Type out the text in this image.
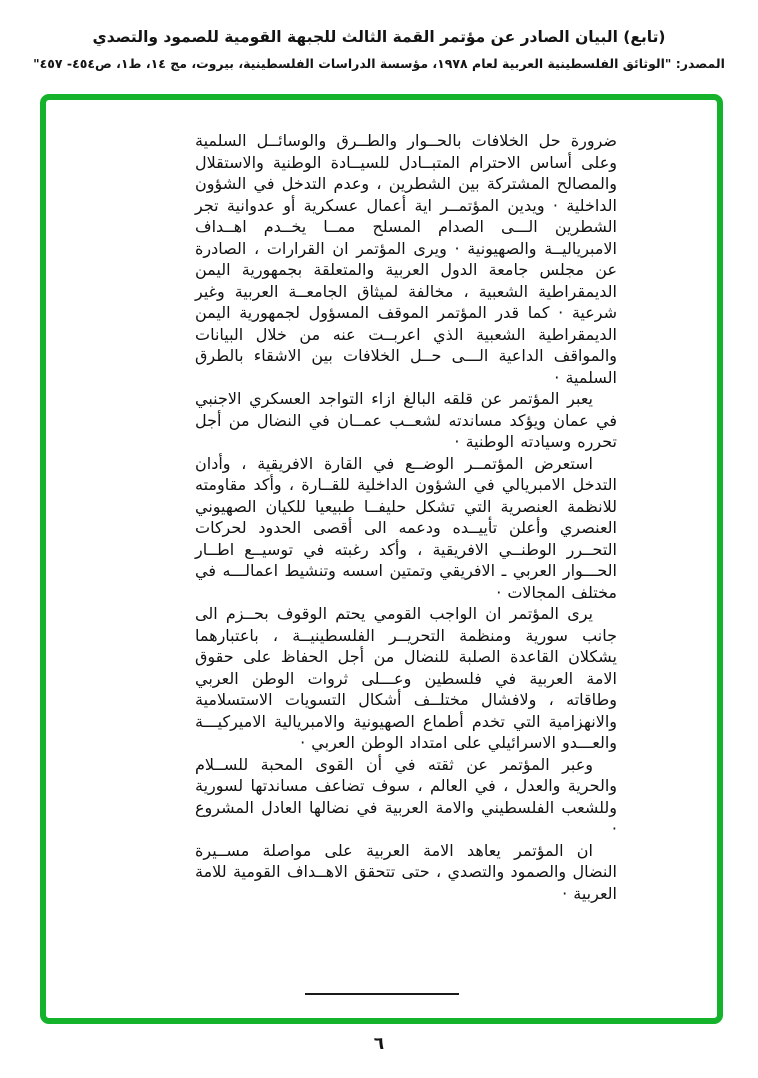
(تابع) البيان الصادر عن مؤتمر القمة الثالث للجبهة القومية للصمود والتصدي
المصدر: "الوثائق الفلسطينية العربية لعام ١٩٧٨، مؤسسة الدراسات الفلسطينية، بيروت، مج ١٤، ط١، ص٤٥٤- ٤٥٧"

ضرورة حل الخلافات بالحــوار والطــرق والوسائــل السلمية وعلى أساس الاحترام المتبــادل للسيــادة الوطنية والاستقلال والمصالح المشتركة بين الشطرين ، وعدم التدخل في الشؤون الداخلية · ويدين المؤتمــر اية أعمال عسكرية أو عدوانية تجر الشطرين الـــى الصدام المسلح ممــا يخــدم اهــداف الامبرياليــة والصهيونية · ويرى المؤتمر ان القرارات ، الصادرة عن مجلس جامعة الدول العربية والمتعلقة بجمهورية اليمن الديمقراطية الشعبية ، مخالفة لميثاق الجامعــة العربية وغير شرعية · كما قدر المؤتمر الموقف المسؤول لجمهورية اليمن الديمقراطية الشعبية الذي اعربــت عنه من خلال البيانات والمواقف الداعية الـــى حــل الخلافات بين الاشقاء بالطرق السلمية ·

يعبر المؤتمر عن قلقه البالغ ازاء التواجد العسكري الاجنبي في عمان ويؤكد مساندته لشعــب عمــان في النضال من أجل تحرره وسيادته الوطنية ·

استعرض المؤتمــر الوضــع في القارة الافريقية ، وأدان التدخل الامبريالي في الشؤون الداخلية للقــارة ، وأكد مقاومته للانظمة العنصرية التي تشكل حليفــا طبيعيا للكيان الصهيوني العنصري وأعلن تأييــده ودعمه الى أقصى الحدود لحركات التحــرر الوطنــي الافريقية ، وأكد رغبته في توسيــع اطــار الحـــوار العربي ـ الافريقي وتمتين اسسه وتنشيط اعمالـــه في مختلف المجالات ·

يرى المؤتمر ان الواجب القومي يحتم الوقوف بحــزم الى جانب سورية ومنظمة التحريــر الفلسطينيــة ، باعتبارهما يشكلان القاعدة الصلبة للنضال من أجل الحفاظ على حقوق الامة العربية في فلسطين وعـــلى ثروات الوطن العربي وطاقاته ، ولافشال مختلــف أشكال التسويات الاستسلامية والانهزامية التي تخدم أطماع الصهيونية والامبريالية الاميركيـــة والعـــدو الاسرائيلي على امتداد الوطن العربي ·

وعبر المؤتمر عن ثقته في أن القوى المحبة للســلام والحرية والعدل ، في العالم ، سوف تضاعف مساندتها لسورية وللشعب الفلسطيني والامة العربية في نضالها العادل المشروع ·

ان المؤتمر يعاهد الامة العربية على مواصلة مســيرة النضال والصمود والتصدي ، حتى تتحقق الاهــداف القومية للامة العربية ·

٦
